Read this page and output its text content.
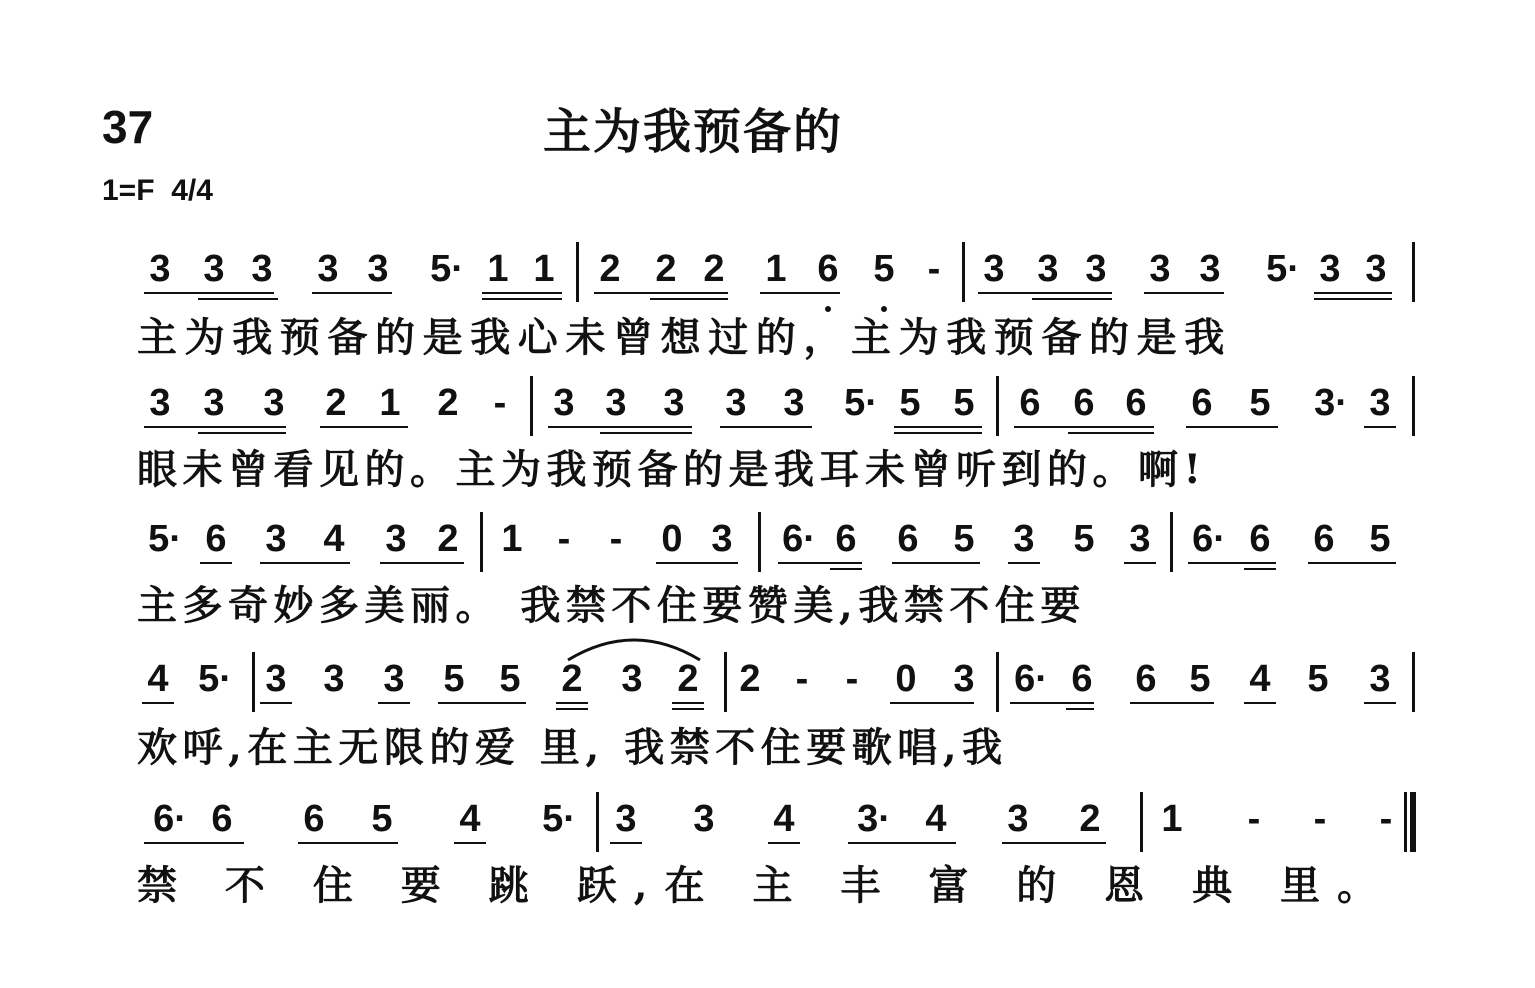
37	主为我预备的
1=F  4/4
3 3 3 3 3 5· 1 1 2 2 2 1 6 5 -	3 3 3 3 3 5· 3 3
主为我预备的是我心未曾想过的，主为我预备的是我
3 3 3 2 1 2 -	3 3 3 3 3 5· 5 5 6 6 6 6 5 3· 3
眼未曾看见的。主为我预备的是我耳未曾听到的。啊!
5· 6 3 4 3 2 1 -	-	0 3 6· 6 6 5 3 5 3 6· 6 6 5
主多奇妙多美丽。 我禁不住要赞美,我禁不住要
4 5· 3 3 3 5 5 2 3 2 2 - - 0 3 6· 6 6 5 4 5 3
欢呼,在主无限的爱 里, 我禁不住要歌唱,我
6· 6 6 5 4 5· 3 3 4	3· 4 3 2 1	-	-	-
禁 不 住 要 跳 跃,在 主 丰 富 的 恩 典 里。
